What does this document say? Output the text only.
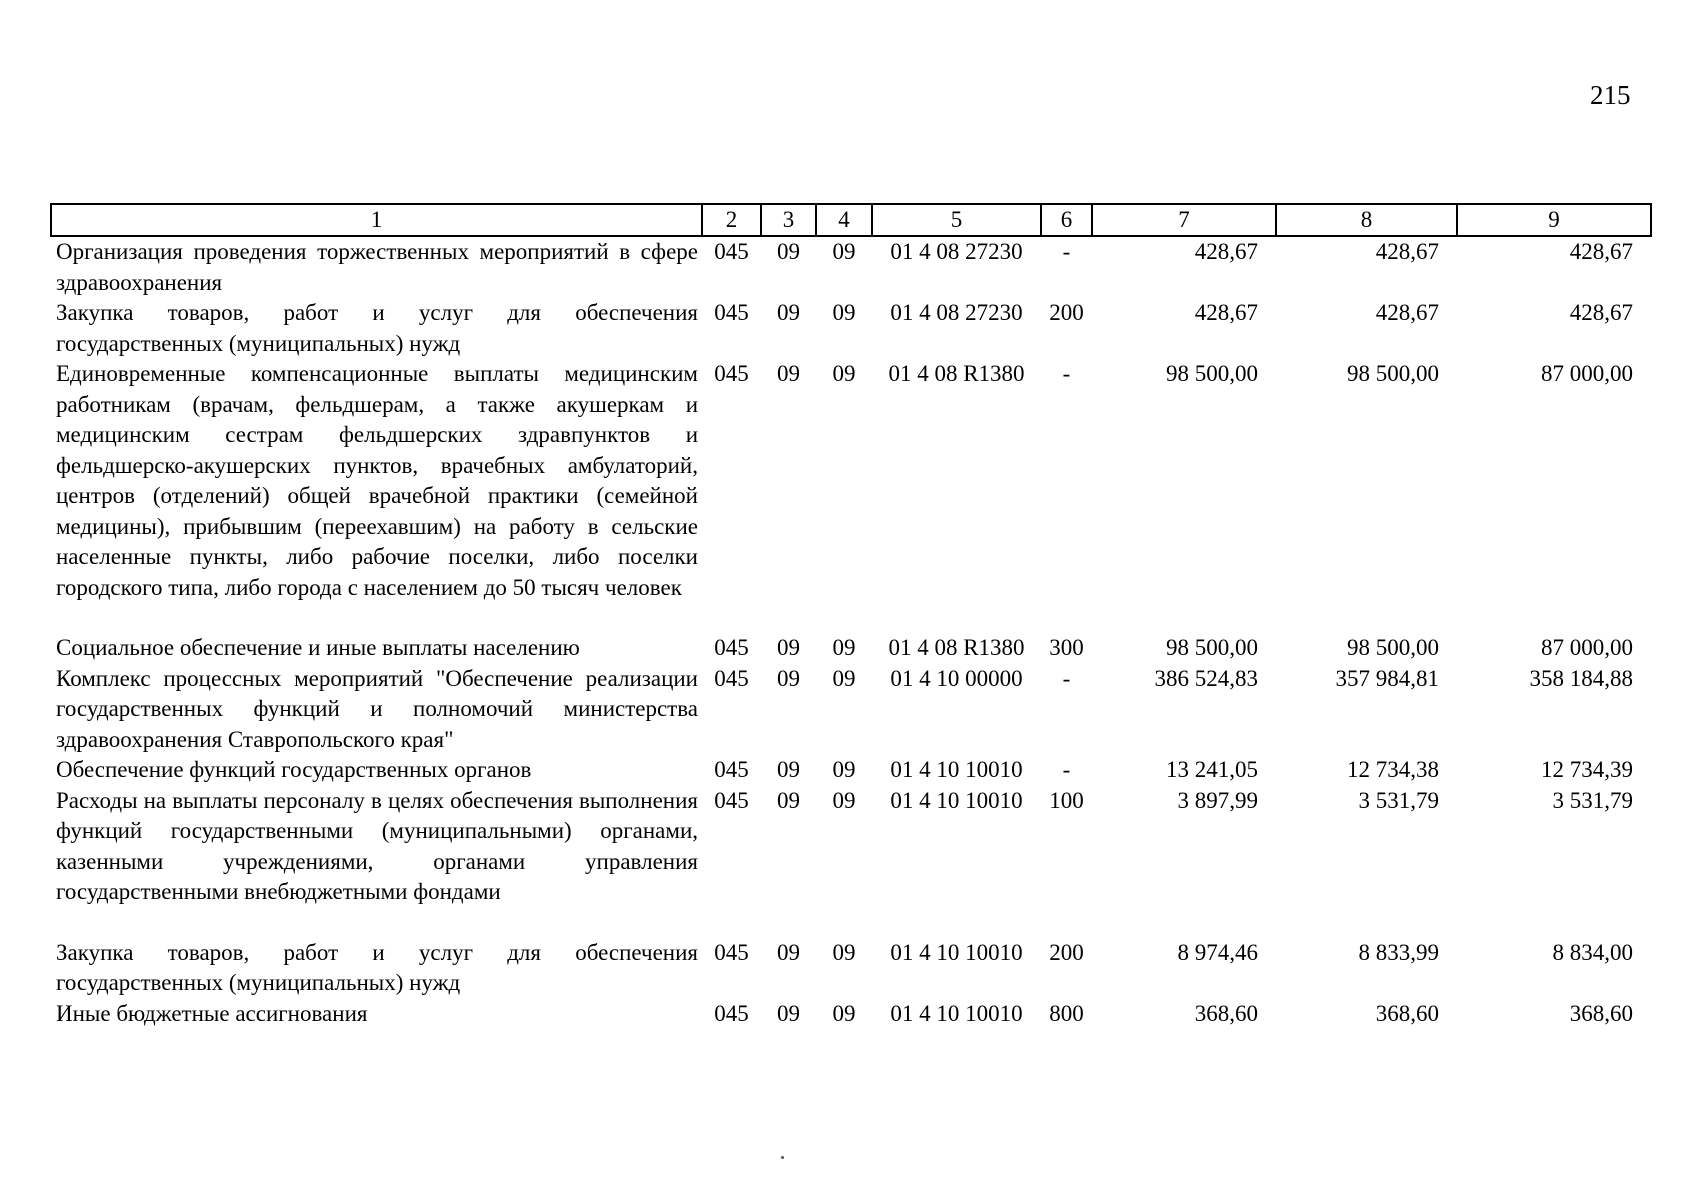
215
1	2	3	4	5	6	7	8	9
Организация проведения торжественных мероприятий в сфере здравоохранения	045	09	09	01 4 08 27230	-	428,67	428,67	428,67
Закупка товаров, работ и услуг для обеспечения государственных (муниципальных) нужд	045	09	09	01 4 08 27230	200	428,67	428,67	428,67
Единовременные компенсационные выплаты медицинским работникам (врачам, фельдшерам, а также акушеркам и медицинским сестрам фельдшерских здравпунктов и фельдшерско-акушерских пунктов, врачебных амбулаторий, центров (отделений) общей врачебной практики (семейной медицины), прибывшим (переехавшим) на работу в сельские населенные пункты, либо рабочие поселки, либо поселки городского типа, либо города с населением до 50 тысяч человек	045	09	09	01 4 08 R1380	-	98 500,00	98 500,00	87 000,00

Социальное обеспечение и иные выплаты населению	045	09	09	01 4 08 R1380	300	98 500,00	98 500,00	87 000,00
Комплекс процессных мероприятий "Обеспечение реализации государственных функций и полномочий министерства здравоохранения Ставропольского края"	045	09	09	01 4 10 00000	-	386 524,83	357 984,81	358 184,88
Обеспечение функций государственных органов	045	09	09	01 4 10 10010	-	13 241,05	12 734,38	12 734,39
Расходы на выплаты персоналу в целях обеспечения выполнения функций государственными (муниципальными) органами, казенными учреждениями, органами управления государственными внебюджетными фондами	045	09	09	01 4 10 10010	100	3 897,99	3 531,79	3 531,79

Закупка товаров, работ и услуг для обеспечения государственных (муниципальных) нужд	045	09	09	01 4 10 10010	200	8 974,46	8 833,99	8 834,00
Иные бюджетные ассигнования	045	09	09	01 4 10 10010	800	368,60	368,60	368,60
